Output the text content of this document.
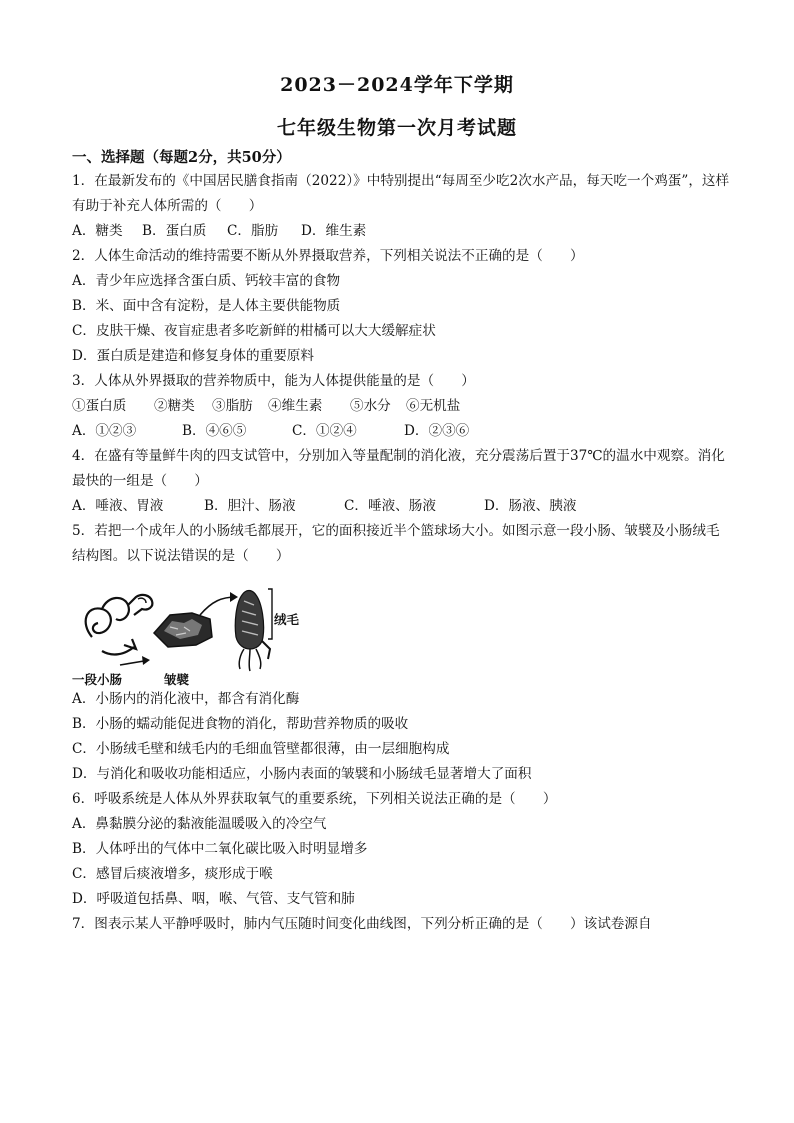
2023－2024学年下学期
七年级生物第一次月考试题
一、选择题（每题2分，共50分）
1．在最新发布的《中国居民膳食指南（2022）》中特别提出“每周至少吃2次水产品，每天吃一个鸡蛋”，这样有助于补充人体所需的（　　）
A．糖类 B．蛋白质 C．脂肪 D．维生素
2．人体生命活动的维持需要不断从外界摄取营养，下列相关说法不正确的是（　　）
A．青少年应选择含蛋白质、钙较丰富的食物
B．米、面中含有淀粉，是人体主要供能物质
C．皮肤干燥、夜盲症患者多吃新鲜的柑橘可以大大缓解症状
D．蛋白质是建造和修复身体的重要原料
3．人体从外界摄取的营养物质中，能为人体提供能量的是（　　）
①蛋白质 ②糖类 ③脂肪 ④维生素 ⑤水分 ⑥无机盐
A．①②③	B．④⑥⑤	C．①②④	D．②③⑥
4．在盛有等量鲜牛肉的四支试管中，分别加入等量配制的消化液，充分震荡后置于37℃的温水中观察。消化最快的一组是（　　）
A．唾液、胃液	B．胆汁、肠液	C．唾液、肠液	D．肠液、胰液
5．若把一个成年人的小肠绒毛都展开，它的面积接近半个篮球场大小。如图示意一段小肠、皱襞及小肠绒毛结构图。以下说法错误的是（　　）
绒毛
一段小肠	皱襞
A．小肠内的消化液中，都含有消化酶
B．小肠的蠕动能促进食物的消化，帮助营养物质的吸收
C．小肠绒毛壁和绒毛内的毛细血管壁都很薄，由一层细胞构成
D．与消化和吸收功能相适应，小肠内表面的皱襞和小肠绒毛显著增大了面积
6．呼吸系统是人体从外界获取氧气的重要系统，下列相关说法正确的是（　　）
A．鼻黏膜分泌的黏液能温暖吸入的冷空气
B．人体呼出的气体中二氧化碳比吸入时明显增多
C．感冒后痰液增多，痰形成于喉
D．呼吸道包括鼻、咽，喉、气管、支气管和肺
7．图表示某人平静呼吸时，肺内气压随时间变化曲线图，下列分析正确的是（　　）该试卷源自
